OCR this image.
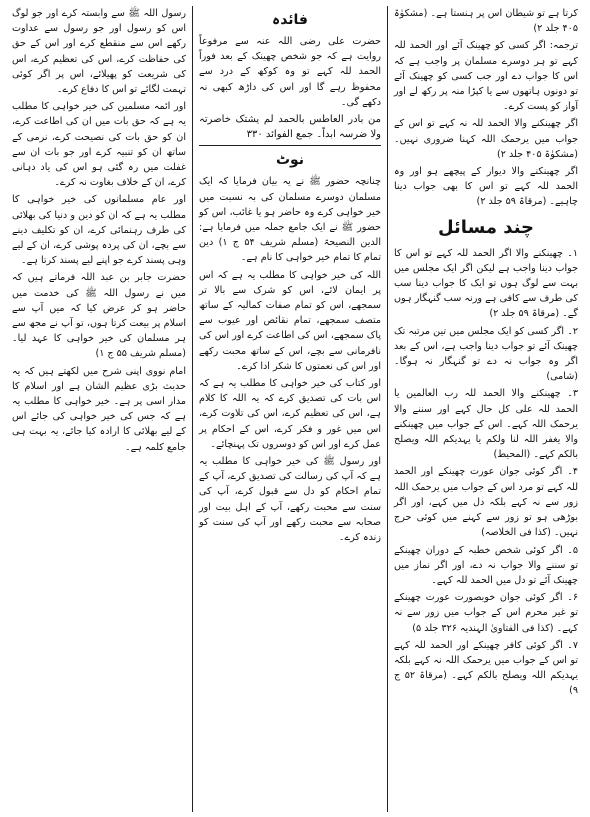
کرتا ہے تو شیطان اس پر ہنستا ہے۔ (مشکوٰۃ ۴۰۵ جلد ۲)

ترجمہ: اگر کسی کو چھینک آئے اور الحمد للہ کہے تو ہر دوسرے مسلمان پر واجب ہے کہ اس کا جواب دے اور جب کسی کو چھینک آئے تو دونوں ہاتھوں سے یا کپڑا منہ پر رکھ لے اور آواز کو پست کرے۔

اگر چھینکنے والا الحمد للہ نہ کہے تو اس کے جواب میں یرحمک اللہ کہنا ضروری نہیں۔ (مشکوٰۃ ۴۰۵ جلد ۲)

اگر چھینکنے والا دیوار کے پیچھے ہو اور وہ الحمد للہ کہے تو اس کا بھی جواب دینا چاہیے۔ (مرقاۃ ۵۹ جلد ۲)

چند مسائل

۱۔ چھینکنے والا اگر الحمد للہ کہے تو اس کا جواب دینا واجب ہے لیکن اگر ایک مجلس میں بہت سے لوگ ہوں تو ایک کا جواب دینا سب کی طرف سے کافی ہے ورنہ سب گنہگار ہوں گے۔ (مرقاۃ ۵۹ جلد ۲)

۲۔ اگر کسی کو ایک مجلس میں تین مرتبہ تک چھینک آئے تو جواب دینا واجب ہے، اس کے بعد اگر وہ جواب نہ دے تو گنہگار نہ ہوگا۔ (شامی)

۳۔ چھینکنے والا الحمد للہ رب العالمین یا الحمد للہ علی کل حال کہے اور سننے والا یرحمک اللہ کہے۔ اس کے جواب میں چھینکنے والا یغفر اللہ لنا ولکم یا یہدیکم اللہ ویصلح بالکم کہے۔ (المحیط)

۴۔ اگر کوئی جوان عورت چھینکے اور الحمد للہ کہے تو مرد اس کے جواب میں یرحمک اللہ زور سے نہ کہے بلکہ دل میں کہے، اور اگر بوڑھی ہو تو زور سے کہنے میں کوئی حرج نہیں۔ (کذا فی الخلاصہ)

۵۔ اگر کوئی شخص خطبہ کے دوران چھینکے تو سننے والا جواب نہ دے، اور اگر نماز میں چھینک آئے تو دل میں الحمد للہ کہے۔

۶۔ اگر کوئی جوان خوبصورت عورت چھینکے تو غیر محرم اس کے جواب میں زور سے نہ کہے۔ (کذا فی الفتاویٰ الہندیہ ۳۲۶ جلد ۵)

۷۔ اگر کوئی کافر چھینکے اور الحمد للہ کہے تو اس کے جواب میں یرحمک اللہ نہ کہے بلکہ یہدیکم اللہ ویصلح بالکم کہے۔ (مرقاۃ ۵۲ ج ۹)

فائدہ

حضرت علی رضی اللہ عنہ سے مرفوعاً روایت ہے کہ جو شخص چھینک کے بعد فوراً الحمد للہ کہے تو وہ کوکھ کے درد سے محفوظ رہے گا اور اس کی داڑھ کبھی نہ دکھے گی۔

من بادر العاطس بالحمد لم یشتک خاصرتہ ولا ضرسہ ابداً۔ جمع الفوائد ۳۳۰

نوٹ

چنانچہ حضور ﷺ نے یہ بیان فرمایا کہ ایک مسلمان دوسرے مسلمان کی بہ نسبت میں خیر خواہی کرے وہ حاضر ہو یا غائب، اس کو حضور ﷺ نے ایک جامع جملہ میں فرمایا ہے: الدین النصیحۃ (مسلم شریف ۵۴ ج ۱) دین تمام کا تمام خیر خواہی کا نام ہے۔

اللہ کی خیر خواہی کا مطلب یہ ہے کہ اس پر ایمان لائے، اس کو شرک سے بالا تر سمجھے، اس کو تمام صفات کمالیہ کے ساتھ متصف سمجھے، تمام نقائص اور عیوب سے پاک سمجھے، اس کی اطاعت کرے اور اس کی نافرمانی سے بچے، اس کے ساتھ محبت رکھے اور اس کی نعمتوں کا شکر ادا کرے۔

اور کتاب کی خیر خواہی کا مطلب یہ ہے کہ اس بات کی تصدیق کرے کہ یہ اللہ کا کلام ہے، اس کی تعظیم کرے، اس کی تلاوت کرے، اس میں غور و فکر کرے، اس کے احکام پر عمل کرے اور اس کو دوسروں تک پہنچائے۔

اور رسول ﷺ کی خیر خواہی کا مطلب یہ ہے کہ آپ کی رسالت کی تصدیق کرے، آپ کے تمام احکام کو دل سے قبول کرے، آپ کی سنت سے محبت رکھے، آپ کے اہل بیت اور صحابہ سے محبت رکھے اور آپ کی سنت کو زندہ کرے۔

رسول اللہ ﷺ سے وابستہ کرے اور جو لوگ اس کو رسول اور جو رسول سے عداوت رکھے اس سے منقطع کرے اور اس کے حق کی حفاظت کرے، اس کی تعظیم کرے، اس کی شریعت کو پھیلائے، اس پر اگر کوئی تہمت لگائے تو اس کا دفاع کرے۔

اور ائمہ مسلمین کی خیر خواہی کا مطلب یہ ہے کہ حق بات میں ان کی اطاعت کرے، ان کو حق بات کی نصیحت کرے، نرمی کے ساتھ ان کو تنبیہ کرے اور جو بات ان سے غفلت میں رہ گئی ہو اس کی یاد دہانی کرے، ان کے خلاف بغاوت نہ کرے۔

اور عام مسلمانوں کی خیر خواہی کا مطلب یہ ہے کہ ان کو دین و دنیا کی بھلائی کی طرف رہنمائی کرے، ان کو تکلیف دینے سے بچے، ان کی پردہ پوشی کرے، ان کے لیے وہی پسند کرے جو اپنے لیے پسند کرتا ہے۔

حضرت جابر بن عبد اللہ فرماتے ہیں کہ میں نے رسول اللہ ﷺ کی خدمت میں حاضر ہو کر عرض کیا کہ میں آپ سے اسلام پر بیعت کرتا ہوں، تو آپ نے مجھ سے ہر مسلمان کی خیر خواہی کا عہد لیا۔ (مسلم شریف ۵۵ ج ۱)

امام نووی اپنی شرح میں لکھتے ہیں کہ یہ حدیث بڑی عظیم الشان ہے اور اسلام کا مدار اسی پر ہے۔ خیر خواہی کا مطلب یہ ہے کہ جس کی خیر خواہی کی جائے اس کے لیے بھلائی کا ارادہ کیا جائے، یہ بہت ہی جامع کلمہ ہے۔
